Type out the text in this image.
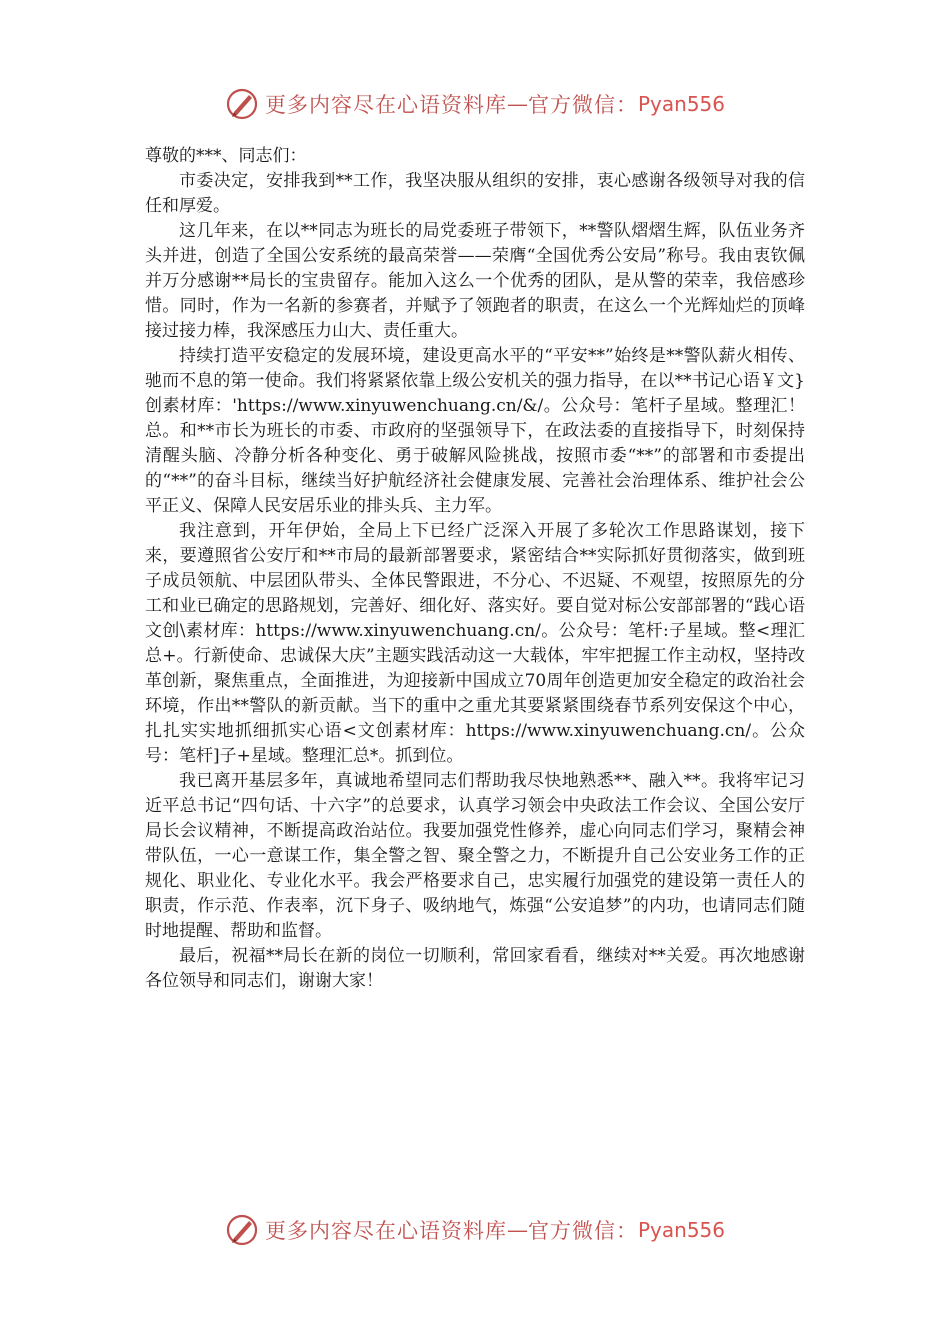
更多内容尽在心语资料库 — 官方微信： Pyan556

尊敬的***、同志们：

市委决定，安排我到**工作，我坚决服从组织的安排，衷心感谢各级领导对我的信任和厚爱。

这几年来，在以**同志为班长的局党委班子带领下，**警队熠熠生辉，队伍业务齐头并进，创造了全国公安系统的最高荣誉——荣膺“全国优秀公安局”称号。我由衷钦佩并万分感谢**局长的宝贵留存。能加入这么一个优秀的团队，是从警的荣幸，我倍感珍惜。同时，作为一名新的参赛者，并赋予了领跑者的职责，在这么一个光辉灿烂的顶峰接过接力棒，我深感压力山大、责任重大。

持续打造平安稳定的发展环境，建设更高水平的“平安**”始终是**警队薪火相传、驰而不息的第一使命。我们将紧紧依靠上级公安机关的强力指导，在以**书记心语￥文}创素材库：'https://www.xinyuwenchuang.cn/&/。公众号：笔杆子星域。整理汇！总。和**市长为班长的市委、市政府的坚强领导下，在政法委的直接指导下，时刻保持清醒头脑、冷静分析各种变化、勇于破解风险挑战，按照市委“**”的部署和市委提出的“**”的奋斗目标，继续当好护航经济社会健康发展、完善社会治理体系、维护社会公平正义、保障人民安居乐业的排头兵、主力军。

我注意到，开年伊始，全局上下已经广泛深入开展了多轮次工作思路谋划，接下来，要遵照省公安厅和**市局的最新部署要求，紧密结合**实际抓好贯彻落实，做到班子成员领航、中层团队带头、全体民警跟进，不分心、不迟疑、不观望，按照原先的分工和业已确定的思路规划，完善好、细化好、落实好。要自觉对标公安部部署的“践心语文创\素材库：https://www.xinyuwenchuang.cn/。公众号：笔杆:子星域。整<理汇总+。行新使命、忠诚保大庆”主题实践活动这一大载体，牢牢把握工作主动权，坚持改革创新，聚焦重点，全面推进，为迎接新中国成立70周年创造更加安全稳定的政治社会环境，作出**警队的新贡献。当下的重中之重尤其要紧紧围绕春节系列安保这个中心，扎扎实实地抓细抓实心语<文创素材库：https://www.xinyuwenchuang.cn/。公众号：笔杆]子+星域。整理汇总*。抓到位。

我已离开基层多年，真诚地希望同志们帮助我尽快地熟悉**、融入**。我将牢记习近平总书记“四句话、十六字”的总要求，认真学习领会中央政法工作会议、全国公安厅局长会议精神，不断提高政治站位。我要加强党性修养，虚心向同志们学习，聚精会神带队伍，一心一意谋工作，集全警之智、聚全警之力，不断提升自己公安业务工作的正规化、职业化、专业化水平。我会严格要求自己，忠实履行加强党的建设第一责任人的职责，作示范、作表率，沉下身子、吸纳地气，炼强“公安追梦”的内功，也请同志们随时地提醒、帮助和监督。

最后，祝福**局长在新的岗位一切顺利，常回家看看，继续对**关爱。再次地感谢各位领导和同志们，谢谢大家！

更多内容尽在心语资料库 — 官方微信： Pyan556
